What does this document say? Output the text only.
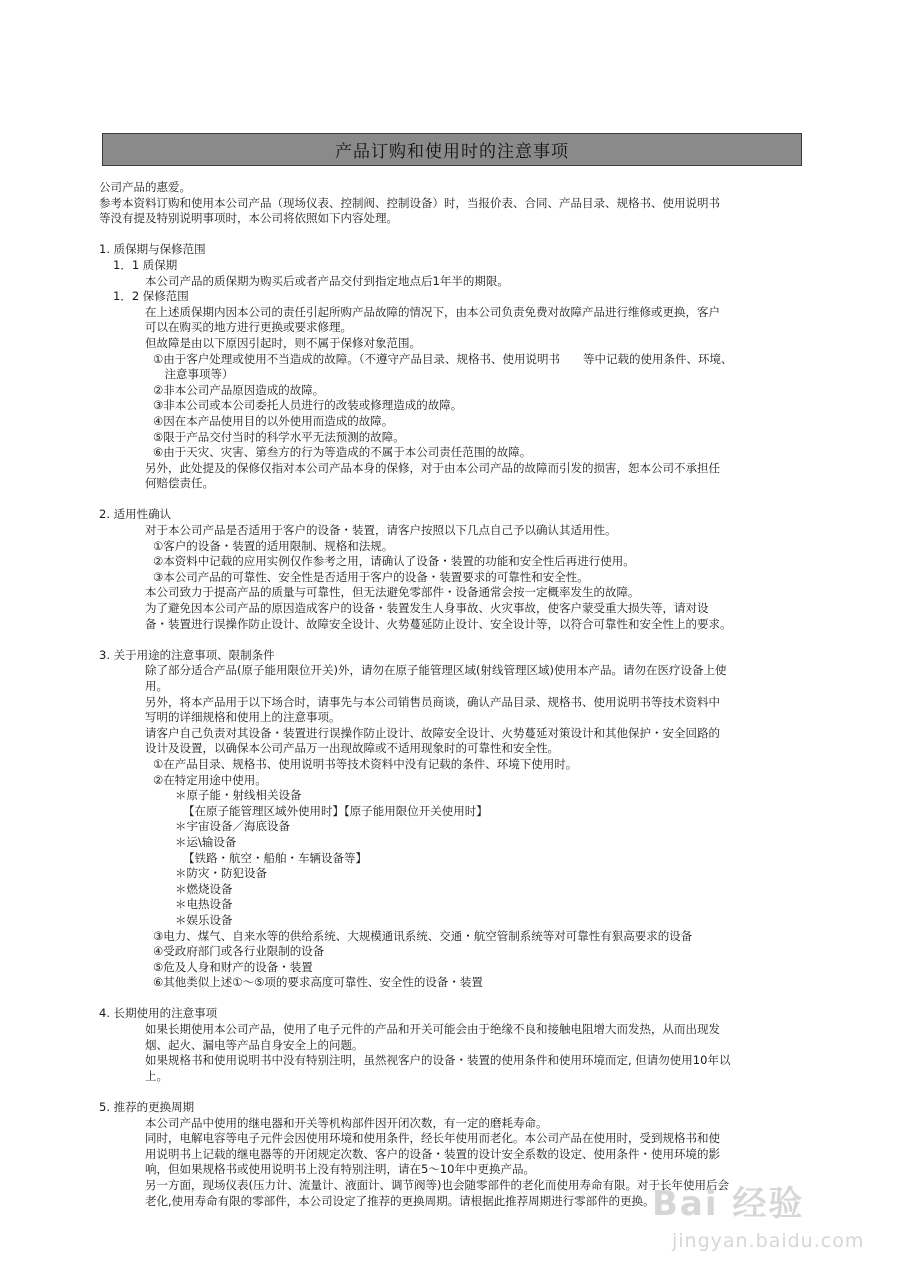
产品订购和使用时的注意事项
公司产品的惠爱。
参考本资料订购和使用本公司产品（现场仪表、控制阀、控制设备）时，当报价表、合同、产品目录、规格书、使用说明书
等没有提及特别说明事项时，本公司将依照如下内容处理。
1. 质保期与保修范围
1．1 质保期
本公司产品的质保期为购买后或者产品交付到指定地点后1年半的期限。
1．2 保修范围
在上述质保期内因本公司的责任引起所购产品故障的情况下，由本公司负责免费对故障产品进行维修或更换，客户
可以在购买的地方进行更换或要求修理。
但故障是由以下原因引起时，则不属于保修对象范围。
①由于客户处理或使用不当造成的故障。（不遵守产品目录、规格书、使用说明书　　等中记载的使用条件、环境、
　注意事项等）
②非本公司产品原因造成的故障。
③非本公司或本公司委托人员进行的改装或修理造成的故障。
④因在本产品使用目的以外使用而造成的故障。
⑤限于产品交付当时的科学水平无法预测的故障。
⑥由于天灾、灾害、第叁方的行为等造成的不属于本公司责任范围的故障。
另外，此处提及的保修仅指对本公司产品本身的保修，对于由本公司产品的故障而引发的损害，恕本公司不承担任
何赔偿责任。
2. 适用性确认
对于本公司产品是否适用于客户的设备・装置，请客户按照以下几点自己予以确认其适用性。
①客户的设备・装置的适用限制、规格和法规。
②本资料中记载的应用实例仅作参考之用，请确认了设备・装置的功能和安全性后再进行使用。
③本公司产品的可靠性、安全性是否适用于客户的设备・装置要求的可靠性和安全性。
本公司致力于提高产品的质量与可靠性，但无法避免零部件・设备通常会按一定概率发生的故障。
为了避免因本公司产品的原因造成客户的设备・装置发生人身事故、火灾事故，使客户蒙受重大损失等，请对设
备・装置进行误操作防止设计、故障安全设计、火势蔓延防止设计、安全设计等，以符合可靠性和安全性上的要求。
3. 关于用途的注意事项、限制条件
除了部分适合产品(原子能用限位开关)外，请勿在原子能管理区域(射线管理区域)使用本产品。请勿在医疗设备上使
用。
另外，将本产品用于以下场合时，请事先与本公司销售员商谈，确认产品目录、规格书、使用说明书等技术资料中
写明的详细规格和使用上的注意事项。
请客户自己负责对其设备・装置进行误操作防止设计、故障安全设计、火势蔓延对策设计和其他保护・安全回路的
设计及设置，以确保本公司产品万一出现故障或不适用现象时的可靠性和安全性。
①在产品目录、规格书、使用说明书等技术资料中没有记载的条件、环境下使用时。
②在特定用途中使用。
＊原子能・射线相关设备
【在原子能管理区域外使用时】【原子能用限位开关使用时】
＊宇宙设备／海底设备
＊运\输设备
【铁路・航空・船舶・车辆设备等】
＊防灾・防犯设备
＊燃烧设备
＊电热设备
＊娱乐设备
③电力、煤气、自来水等的供给系统、大规模通讯系统、交通・航空管制系统等对可靠性有狠高要求的设备
④受政府部门或各行业限制的设备
⑤危及人身和财产的设备・装置
⑥其他类似上述①～⑤项的要求高度可靠性、安全性的设备・装置
4. 长期使用的注意事项
如果长期使用本公司产品，使用了电子元件的产品和开关可能会由于绝缘不良和接触电阻增大而发热，从而出现发
烟、起火、漏电等产品自身安全上的问题。
如果规格书和使用说明书中没有特别注明，虽然视客户的设备・装置的使用条件和使用环境而定, 但请勿使用10年以
上。
5. 推荐的更换周期
本公司产品中使用的继电器和开关等机构部件因开闭次数，有一定的磨耗寿命。
同时，电解电容等电子元件会因使用环境和使用条件，经长年使用而老化。本公司产品在使用时，受到规格书和使
用说明书上记载的继电器等的开闭规定次数、客户的设备・装置的设计安全系数的设定、使用条件・使用环境的影
响，但如果规格书或使用说明书上没有特别注明，请在5～10年中更换产品。
另一方面，现场仪表(压力计、流量计、液面计、调节阀等)也会随零部件的老化而使用寿命有限。对于长年使用后会
老化,使用寿命有限的零部件，本公司设定了推荐的更换周期。请根据此推荐周期进行零部件的更换。
Bai 经验
jingyan.baidu.com
